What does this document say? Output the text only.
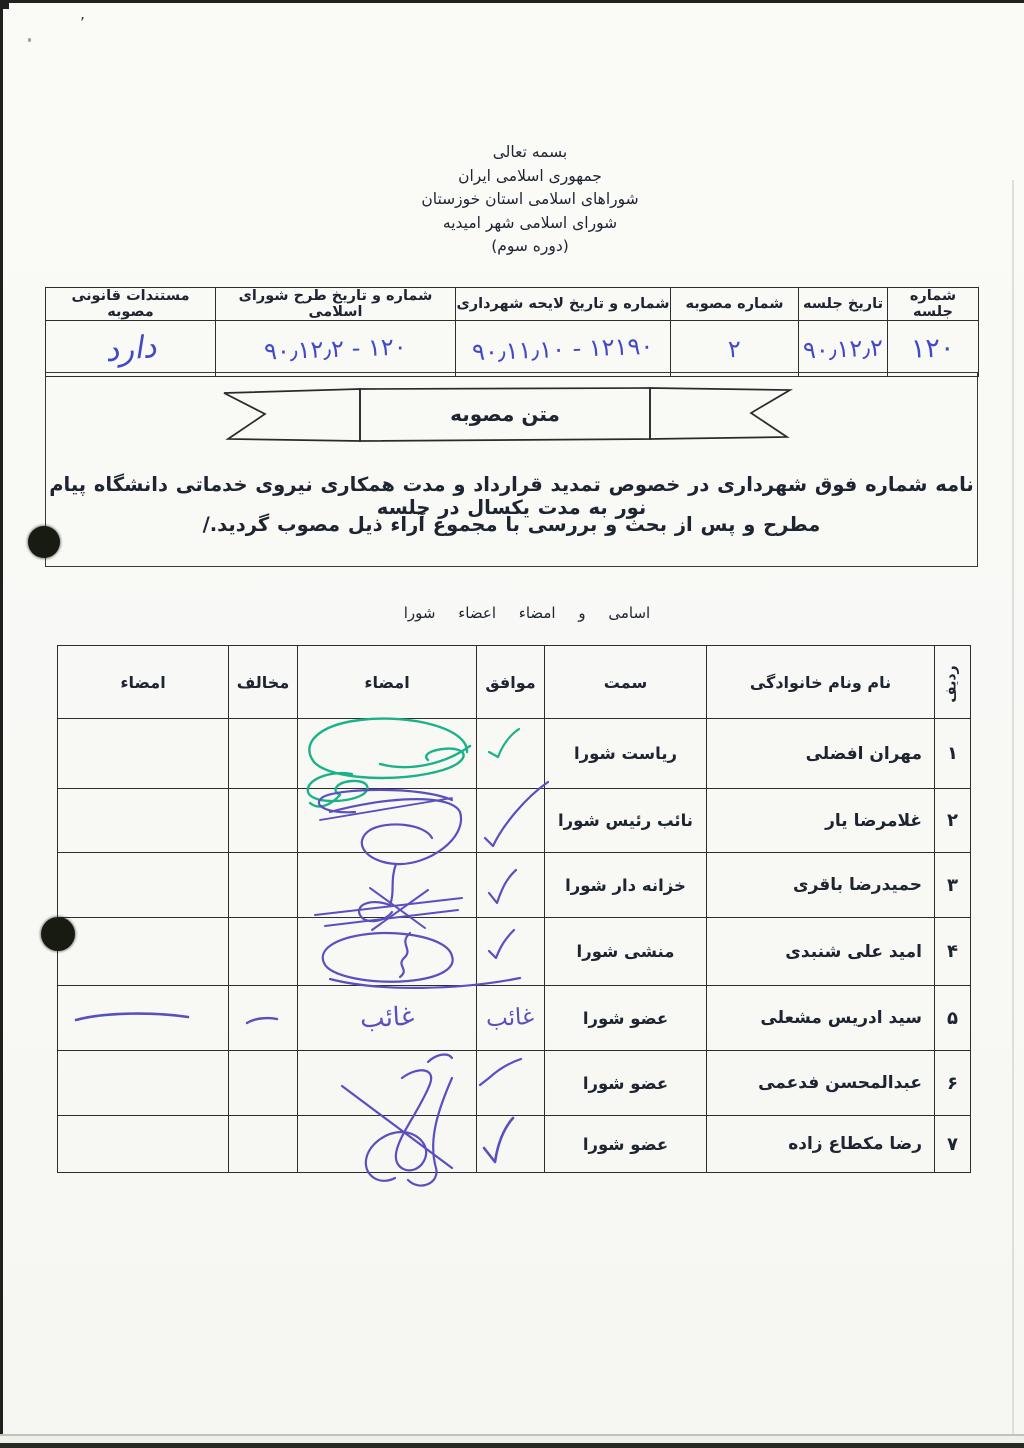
بسمه تعالی
جمهوری اسلامی ایران
شوراهای اسلامی استان خوزستان
شورای اسلامی شهر امیدیه
(دوره سوم)
شماره جلسه	تاریخ جلسه	شماره مصوبه	شماره و تاریخ لایحه شهرداری	شماره و تاریخ طرح شورای اسلامی	مستندات قانونی مصوبه
۱۲۰	۹۰٫۱۲٫۲	۲	۱۲۱۹۰ - ۹۰٫۱۱٫۱۰	۱۲۰ - ۹۰٫۱۲٫۲	دارد
نامه شماره فوق شهرداری در خصوص تمدید قرارداد و مدت همکاری نیروی خدماتی دانشگاه پیام نور به مدت یکسال در جلسه
مطرح و پس از بحث و بررسی با مجموع آراء ذیل مصوب گردید./
متن مصوبه
اسامی و امضاء اعضاء شورا
ردیف	نام ونام خانوادگی	سمت	موافق	امضاء	مخالف	امضاء
۱	مهران افضلی	ریاست شورا				
۲	غلامرضا یار	نائب رئیس شورا				
۳	حمیدرضا باقری	خزانه دار شورا				
۴	امید علی شنبدی	منشی شورا				
۵	سید ادریس مشعلی	عضو شورا	غائب	غائب		
۶	عبدالمحسن فدعمی	عضو شورا				
۷	رضا مکطاع زاده	عضو شورا				
٬
